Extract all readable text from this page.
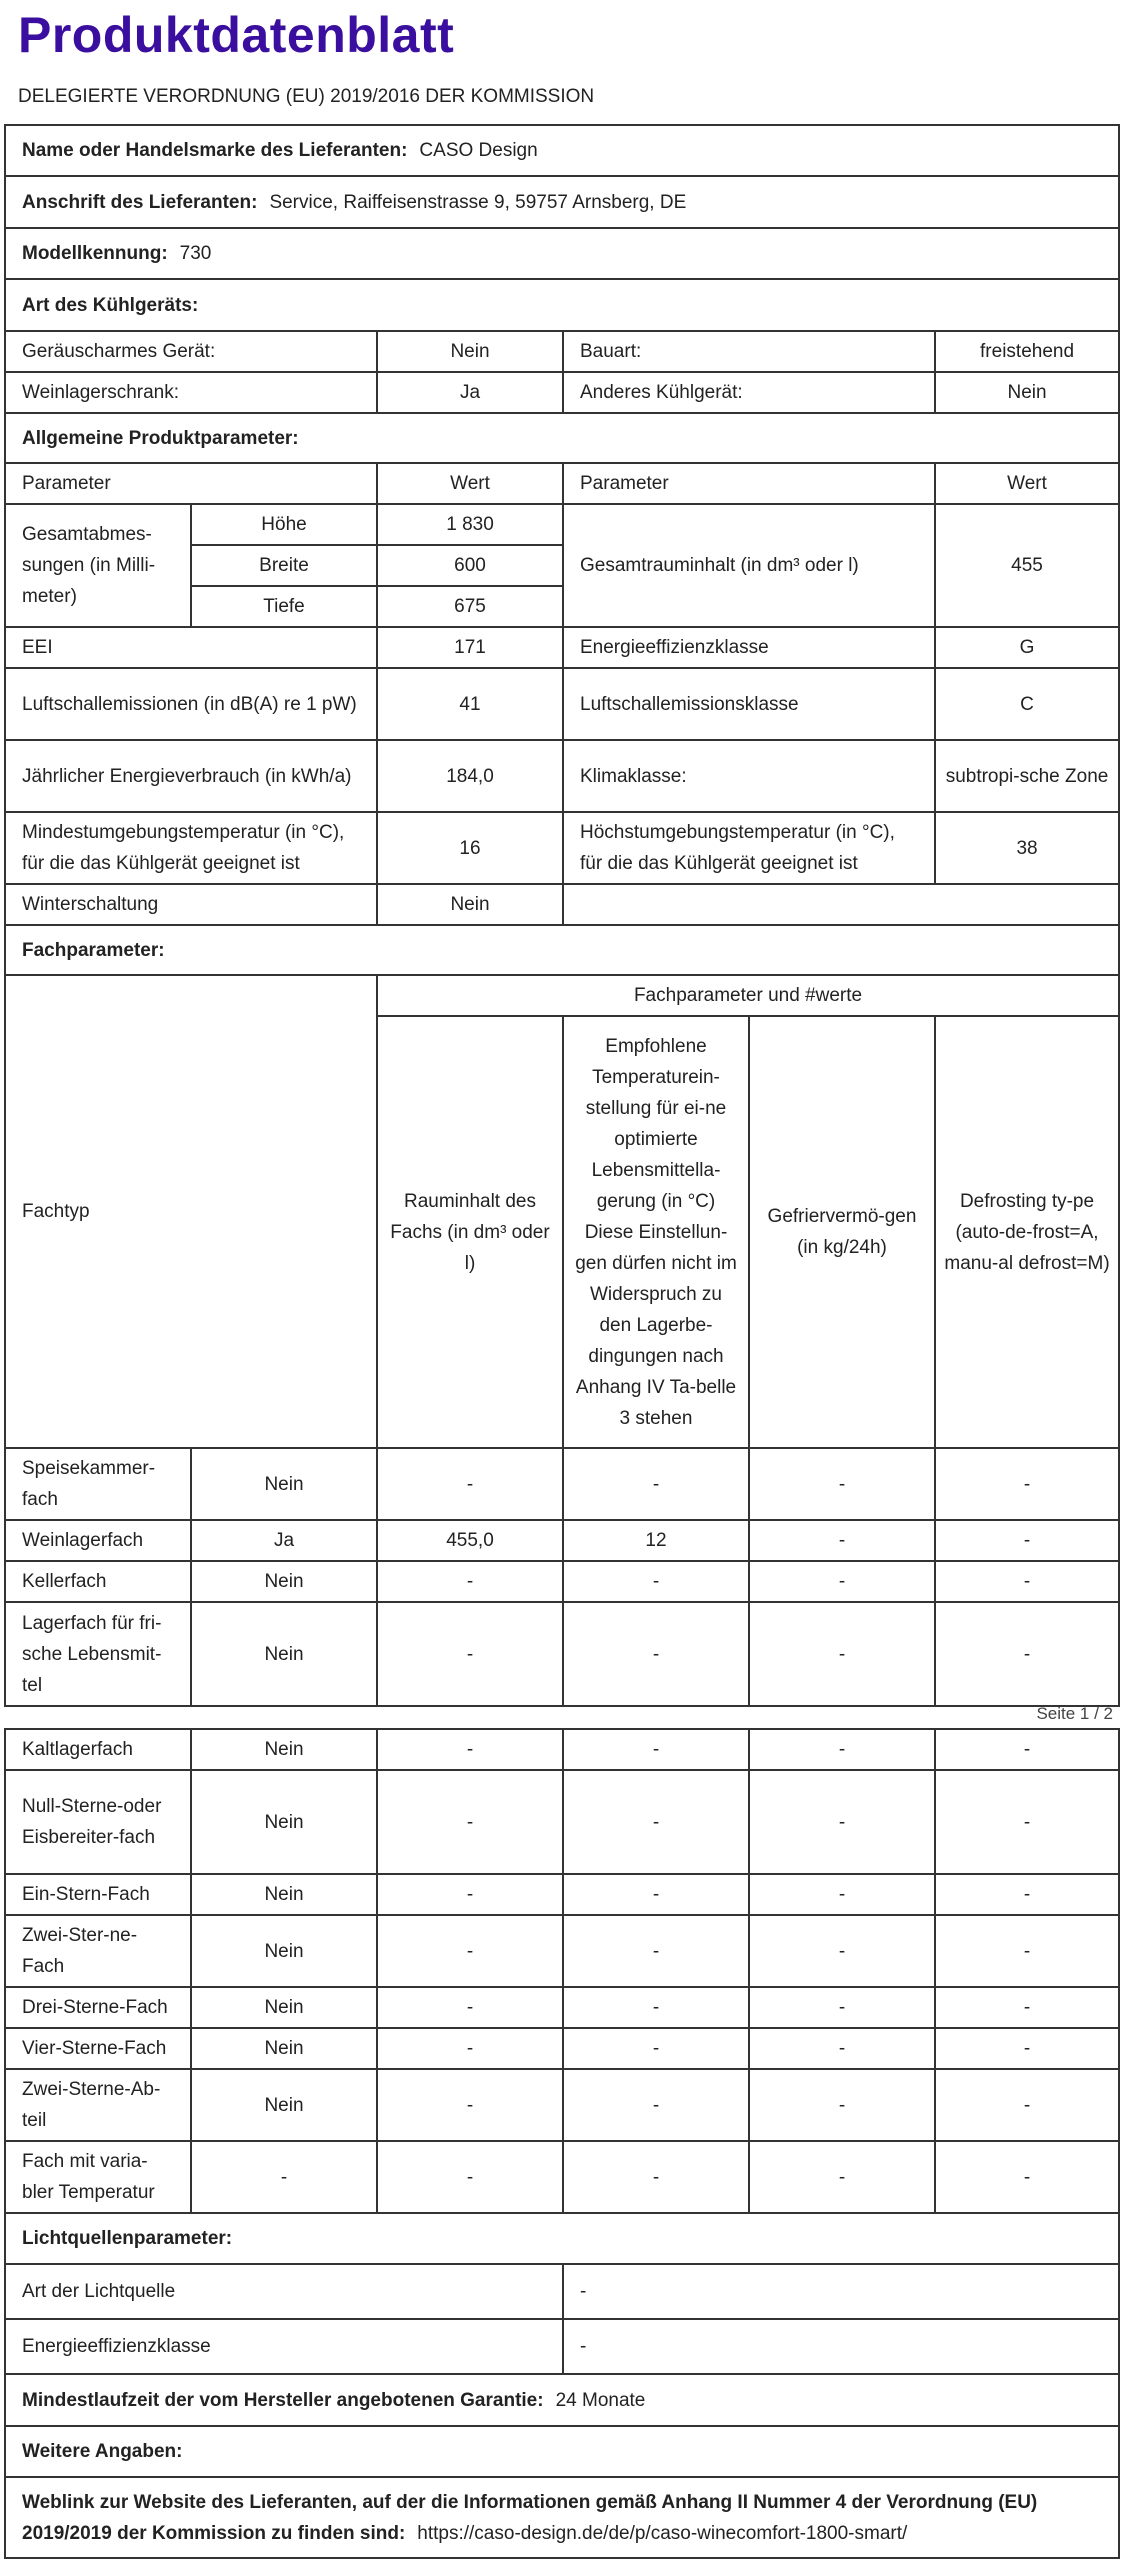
Produktdatenblatt
DELEGIERTE VERORDNUNG (EU) 2019/2016 DER KOMMISSION
Name oder Handelsmarke des Lieferanten: CASO Design					
Anschrift des Lieferanten: Service, Raiffeisenstrasse 9, 59757 Arnsberg, DE					
Modellkennung: 730					
Art des Kühlgeräts:					
Geräuscharmes Gerät:		Nein	Bauart:		freistehend
Weinlagerschrank:		Ja	Anderes Kühlgerät:		Nein
Allgemeine Produktparameter:					
Parameter		Wert	Parameter		Wert
Gesamtabmes-sungen (in Milli-meter)	Höhe	1 830	Gesamtrauminhalt (in dm³ oder l)		455
	Breite	600			
	Tiefe	675			
EEI		171	Energieeffizienzklasse		G
Luftschallemissionen (in dB(A) re 1 pW)		41	Luftschallemissionsklasse		C
Jährlicher Energieverbrauch (in kWh/a)		184,0	Klimaklasse:		subtropi-sche Zone
Mindestumgebungstemperatur (in °C), für die das Kühlgerät geeignet ist		16	Höchstumgebungstemperatur (in °C), für die das Kühlgerät geeignet ist		38
Winterschaltung		Nein			
Fachparameter:					
Fachtyp		Fachparameter und #werte			
		Rauminhalt des Fachs (in dm³ oder l)	Empfohlene Temperaturein-stellung für ei-ne optimierte Lebensmittella-gerung (in °C) Diese Einstellun-gen dürfen nicht im Widerspruch zu den Lagerbe-dingungen nach Anhang IV Ta-belle 3 stehen	Gefriervermö-gen (in kg/24h)	Defrosting ty-pe (auto-de-frost=A, manu-al defrost=M)
Speisekammer-fach	Nein	-	-	-	-
Weinlagerfach	Ja	455,0	12	-	-
Kellerfach	Nein	-	-	-	-
Lagerfach für fri-sche Lebensmit-tel	Nein	-	-	-	-
Seite 1 / 2
Kaltlagerfach	Nein	-	-	-	-
Null-Sterne-oder Eisbereiter-fach	Nein	-	-	-	-
Ein-Stern-Fach	Nein	-	-	-	-
Zwei-Ster-ne-Fach	Nein	-	-	-	-
Drei-Sterne-Fach	Nein	-	-	-	-
Vier-Sterne-Fach	Nein	-	-	-	-
Zwei-Sterne-Ab-teil	Nein	-	-	-	-
Fach mit varia-bler Temperatur	-	-	-	-	-
Lichtquellenparameter:					
Art der Lichtquelle			-		
Energieeffizienzklasse			-		
Mindestlaufzeit der vom Hersteller angebotenen Garantie: 24 Monate					
Weitere Angaben:					
Weblink zur Website des Lieferanten, auf der die Informationen gemäß Anhang II Nummer 4 der Verordnung (EU) 2019/2019 der Kommission zu finden sind: https://caso-design.de/de/p/caso-winecomfort-1800-smart/					
